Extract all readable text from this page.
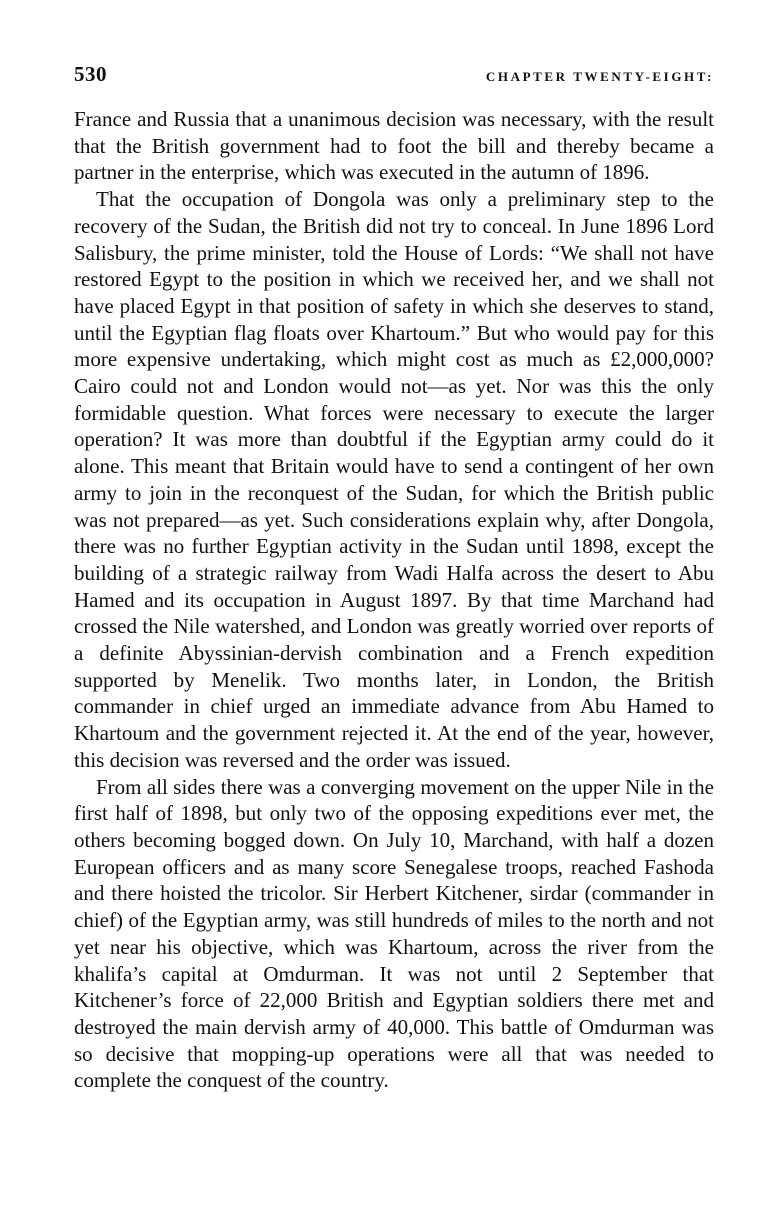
530	CHAPTER TWENTY-EIGHT:

France and Russia that a unanimous decision was necessary, with the result that the British government had to foot the bill and thereby became a partner in the enterprise, which was executed in the autumn of 1896.

That the occupation of Dongola was only a preliminary step to the recovery of the Sudan, the British did not try to conceal. In June 1896 Lord Salisbury, the prime minister, told the House of Lords: “We shall not have restored Egypt to the position in which we received her, and we shall not have placed Egypt in that position of safety in which she deserves to stand, until the Egyptian flag floats over Khartoum.” But who would pay for this more expensive undertaking, which might cost as much as £2,000,000? Cairo could not and London would not—as yet. Nor was this the only formidable question. What forces were necessary to execute the larger operation? It was more than doubtful if the Egyptian army could do it alone. This meant that Britain would have to send a contingent of her own army to join in the reconquest of the Sudan, for which the British public was not prepared—as yet. Such considerations explain why, after Dongola, there was no further Egyptian activity in the Sudan until 1898, except the building of a strategic railway from Wadi Halfa across the desert to Abu Hamed and its occupation in August 1897. By that time Marchand had crossed the Nile watershed, and London was greatly worried over reports of a definite Abyssinian-dervish combination and a French expedition supported by Menelik. Two months later, in London, the British commander in chief urged an immediate advance from Abu Hamed to Khartoum and the government rejected it. At the end of the year, however, this decision was reversed and the order was issued.

From all sides there was a converging movement on the upper Nile in the first half of 1898, but only two of the opposing expeditions ever met, the others becoming bogged down. On July 10, Marchand, with half a dozen European officers and as many score Senegalese troops, reached Fashoda and there hoisted the tricolor. Sir Herbert Kitchener, sirdar (commander in chief) of the Egyptian army, was still hundreds of miles to the north and not yet near his objective, which was Khartoum, across the river from the khalifa’s capital at Omdurman. It was not until 2 September that Kitchener’s force of 22,000 British and Egyptian soldiers there met and destroyed the main dervish army of 40,000. This battle of Omdurman was so decisive that mopping-up operations were all that was needed to complete the conquest of the country.
